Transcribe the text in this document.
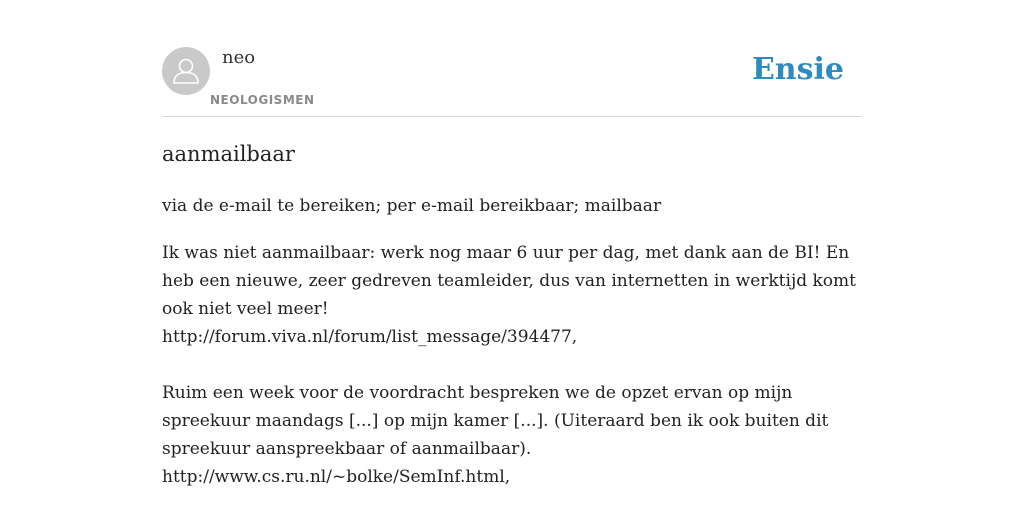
neo
NEOLOGISMEN
Ensie
aanmailbaar
via de e-mail te bereiken; per e-mail bereikbaar; mailbaar
Ik was niet aanmailbaar: werk nog maar 6 uur per dag, met dank aan de BI! En heb een nieuwe, zeer gedreven teamleider, dus van internetten in werktijd komt ook niet veel meer!
http://forum.viva.nl/forum/list_message/394477,
Ruim een week voor de voordracht bespreken we de opzet ervan op mijn spreekuur maandags [...] op mijn kamer [...]. (Uiteraard ben ik ook buiten dit spreekuur aanspreekbaar of aanmailbaar).
http://www.cs.ru.nl/~bolke/SemInf.html,
